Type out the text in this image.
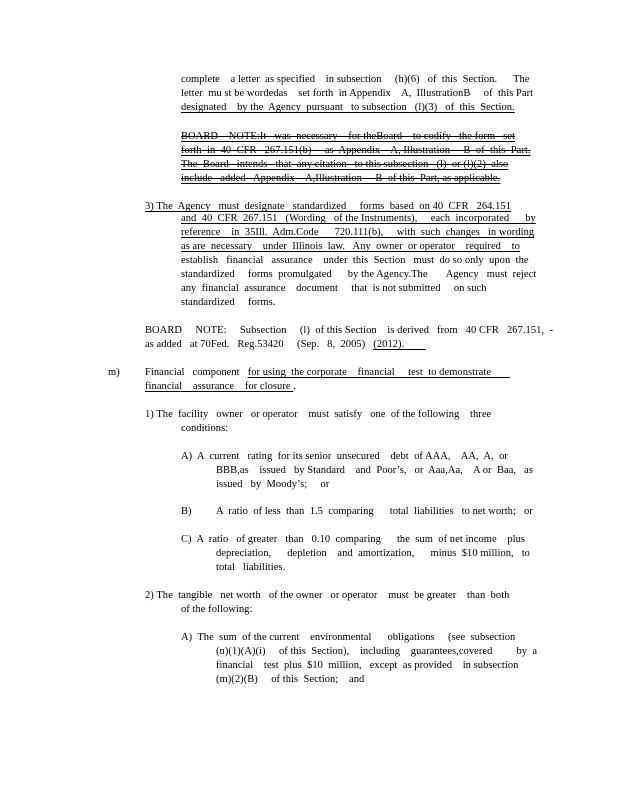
complete    a letter  as specified    in subsection     (h)(6)   of  this  Section.      The
letter  mu st be wordedas    set forth  in Appendix    A,  IllustrationB     of  this Part
designated    by the  Agency  pursuant   to subsection   (l)(3)   of  this  Section.
BOARD    NOTE:It   was  necessary    for theBoard    to codify   the form   set
forth  in  40  CFR   267.151(b)     as  Appendix    A, Illustration     B  of  this  Part.
The  Board   intends   that  any citation   to this subsection   (l)  or (l)(2)  also
include   added   Appendix    A,Illustration     B  of this  Part, as applicable.
3) The  Agency   must  designate   standardized     forms  based  on 40  CFR   264.151
and  40  CFR  267.151   (Wording   of the Instruments),     each  incorporated      by
reference    in  35Ill.  Adm.Code      720.111(b),     with  such  changes   in wording
as are  necessary    under  Illinois  law.   Any  owner  or operator    required    to
establish   financial   assurance    under  this  Section   must  do so only  upon  the
standardized     forms  promulgated      by the Agency.The       Agency   must  reject
any  financial  assurance    document     that  is not submitted     on such
standardized     forms.
BOARD     NOTE:     Subsection     (l)  of this Section    is derived   from   40 CFR   267.151,  -
as added   at 70Fed.   Reg.53420     (Sep.   8,  2005) (2012).
m) Financial   component for using  the corporate    financial     test  to demonstrate
financial    assurance    for closure .
1) The  facility   owner   or operator    must  satisfy   one  of the following    three
conditions:
A)  A  current   rating  for its senior  unsecured    debt  of AAA,    AA,  A,  or
BBB,as    issued   by Standard    and  Poor’s,   or  Aaa,Aa,    A or  Baa,   as
issued   by  Moody’s;     or
B) A  ratio  of less  than  1.5  comparing      total  liabilities   to net worth;   or
C)  A  ratio   of greater   than   0.10  comparing      the  sum  of net income    plus
depreciation,      depletion    and  amortization,      minus  $10 million,   to
total   liabilities.
2) The  tangible   net worth   of the owner   or operator    must  be greater    than  both
of the following:
A)  The  sum  of the current    environmental      obligations     (see  subsection
(n)(1)(A)(i)     of this  Section),    including    guarantees,covered         by  a
financial    test  plus  $10  million,   except  as provided    in subsection
(m)(2)(B)     of this  Section;    and
